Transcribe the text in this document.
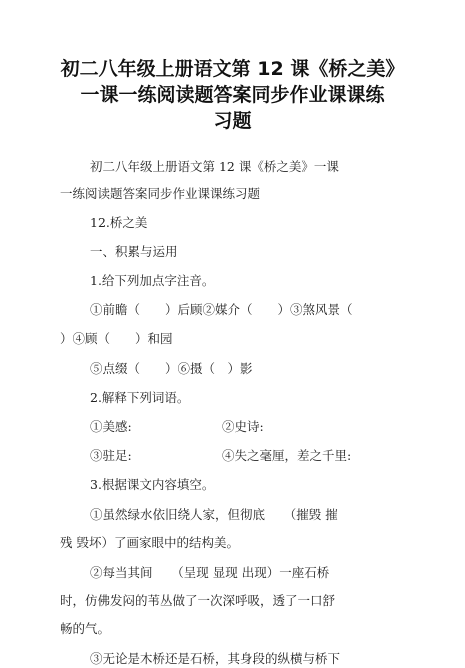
初二八年级上册语文第 12 课《桥之美》
一课一练阅读题答案同步作业课课练
习题
初二八年级上册语文第 12 课《桥之美》一课
一练阅读题答案同步作业课课练习题
12.桥之美
一、积累与运用
1.给下列加点字注音。
①前瞻（　　）后顾②媒介（　　）③煞风景（
）④顾（　　）和园
⑤点缀（　　）⑥摄（　）影
2.解释下列词语。
①美感:	②史诗:
③驻足:	④失之毫厘，差之千里:
3.根据课文内容填空。
①虽然绿水依旧绕人家，但彻底　　（摧毁 摧
残 毁坏）了画家眼中的结构美。
②每当其间　　（呈现 显现 出现）一座石桥
时，仿佛发闷的苇丛做了一次深呼吸，透了一口舒
畅的气。
③无论是木桥还是石桥，其身段的纵横与桥下
